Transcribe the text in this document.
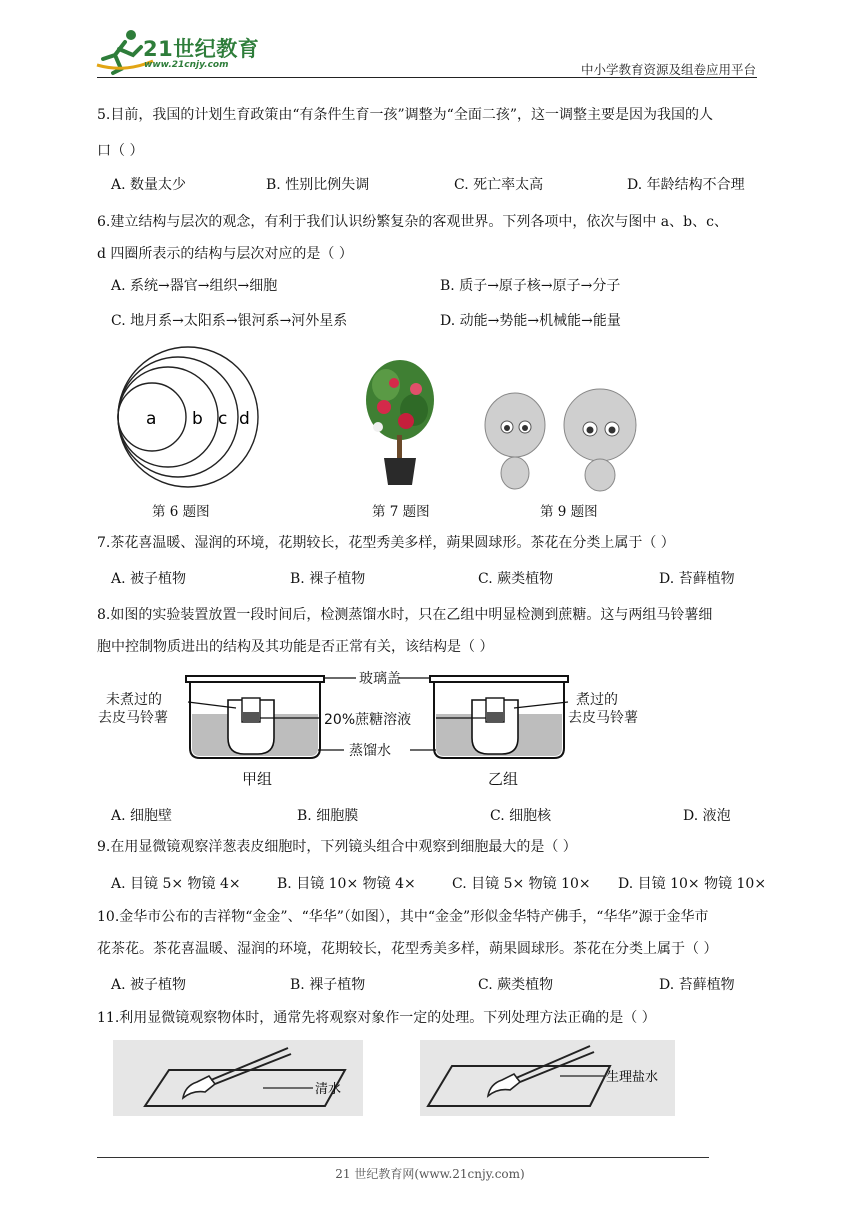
21世纪教育
www.21cnjy.com	中小学教育资源及组卷应用平台
5.目前，我国的计划生育政策由“有条件生育一孩”调整为“全面二孩”，这一调整主要是因为我国的人
口（ ）
A. 数量太少	B. 性别比例失调	C. 死亡率太高	D. 年龄结构不合理
6.建立结构与层次的观念，有利于我们认识纷繁复杂的客观世界。下列各项中，依次与图中 a、b、c、
d 四圈所表示的结构与层次对应的是（ ）
A. 系统→器官→组织→细胞	B. 质子→原子核→原子→分子
C. 地月系→太阳系→银河系→河外星系	D. 动能→势能→机械能→能量
a b c d
第 6 题图	第 7 题图	第 9 题图
7.茶花喜温暖、湿润的环境，花期较长，花型秀美多样，蒴果圆球形。茶花在分类上属于（ ）
A. 被子植物	B. 裸子植物	C. 蕨类植物	D. 苔藓植物
8.如图的实验装置放置一段时间后，检测蒸馏水时，只在乙组中明显检测到蔗糖。这与两组马铃薯细
胞中控制物质进出的结构及其功能是否正常有关，该结构是（ ）
未煮过的
去皮马铃薯
煮过的
去皮马铃薯
玻璃盖
20%蔗糖溶液
蒸馏水
甲组	乙组
A. 细胞壁	B. 细胞膜	C. 细胞核	D. 液泡
9.在用显微镜观察洋葱表皮细胞时，下列镜头组合中观察到细胞最大的是（ ）
A. 目镜 5× 物镜 4×	B. 目镜 10× 物镜 4×	C. 目镜 5× 物镜 10× D. 目镜 10× 物镜 10×
10.金华市公布的吉祥物“金金”、“华华”（如图），其中“金金”形似金华特产佛手，“华华”源于金华市
花茶花。茶花喜温暖、湿润的环境，花期较长，花型秀美多样，蒴果圆球形。茶花在分类上属于（ ）
A. 被子植物	B. 裸子植物	C. 蕨类植物	D. 苔藓植物
11.利用显微镜观察物体时，通常先将观察对象作一定的处理。下列处理方法正确的是（ ）
清水
生理盐水
21 世纪教育网(www.21cnjy.com)
